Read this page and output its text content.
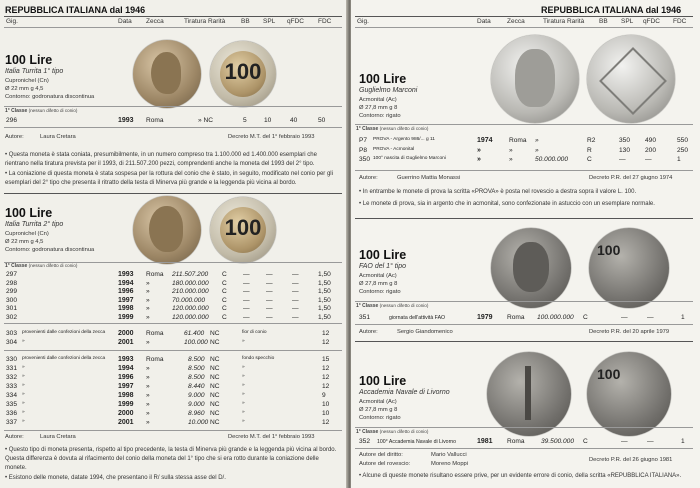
REPUBBLICA ITALIANA dal 1946
Gig.	Data Zecca	Tiratura Rarità BB SPL qFDC FDC
100 Lire
Italia Turrita 1° tipo
Cupronichel (Cn)
Ø 22 mm g 4,5
Contorno: godronatura discontinua
100
1° Classe (nessun difetto di conio)
296	1993 Roma	» NC	5	10	40	50
Autore:	Laura Cretara	Decreto M.T. del 1° febbraio 1993
• Questa moneta è stata coniata, presumibilmente, in un numero compreso tra 1.100.000 ed 1.400.000 esemplari che rientrano nella tiratura prevista per il 1993, di 211.507.200 pezzi, comprendenti anche la moneta del 1993 del 2° tipo.
• La coniazione di questa moneta è stata sospesa per la rottura del conio che è stato, in seguito, modificato nel conio per gli esemplari del 2° tipo che presenta il ritratto della testa di Minerva più grande e la leggenda più vicina al bordo.
100 Lire
Italia Turrita 2° tipo
Cupronichel (Cn)
Ø 22 mm g 4,5
Contorno: godronatura discontinua
100
1° Classe (nessun difetto di conio)
297	1993 Roma 211.507.200 C — —	—	1,50
298	1994 »	180.000.000 C — —	—	1,50
299	1996 »	210.000.000 C — —	—	1,50
300	1997 »	70.000.000	C — —	—	1,50
301	1998 »	120.000.000 C — —	—	1,50
302	1999 »	120.000.000 C — —	—	1,50
303 provenienti dalle confezioni della zecca 2000 Roma	61.400 NC	fior di conio	12
304 »	2001 »	100.000 NC	»	12
330 provenienti dalle confezioni della zecca 1993 Roma	8.500 NC	fondo specchio	15
331 »	1994 »	8.500 NC	»	12
332 »	1996 »	8.500 NC	»	12
333 »	1997 »	8.440 NC	»	12
334 »	1998 »	9.000 NC	»	9
335 »	1999 »	9.000 NC	»	10
336 »	2000 »	8.960 NC	»	10
337 »	2001 »	10.000 NC	»	12
Autore:	Laura Cretara	Decreto M.T. del 1° febbraio 1993
• Questo tipo di moneta presenta, rispetto al tipo precedente, la testa di Minerva più grande e la leggenda più vicina al bordo. Questa differenza è dovuta al rifacimento del conio della moneta del 1° tipo che si era rotto durante la coniazione delle monete.
• Esistono delle monete, datate 1994, che presentano il R/ sulla stessa asse del D/.
REPUBBLICA ITALIANA dal 1946
Gig.	Data	Zecca	Tiratura Rarità BB SPL qFDC FDC
100 Lire
Guglielmo Marconi
Acmonital (Ac)
Ø 27,8 mm g 8
Contorno: rigato
1° Classe (nessun difetto di conio)
P7 PROVA - Argento 986/... g 11	1974 Roma »	R2	350 490	550
P8 PROVA - Acmonital	»	»	»	R	130 200	250
350 100° nascita di Guglielmo Marconi	»	»	50.000.000	C	—	—	1
Autore:	Guerrino Mattia Monassi	Decreto P.R. del 27 giugno 1974
• In entrambe le monete di prova la scritta «PROVA» è posta nel rovescio a destra sopra il valore L. 100.
• Le monete di prova, sia in argento che in acmonital, sono confezionate in astuccio con un esemplare normale.
100 Lire
FAO del 1° tipo
Acmonital (Ac)
Ø 27,8 mm g 8
Contorno: rigato
100
1° Classe (nessun difetto di conio)
351	giornata dell'attività FAO	1979 Roma 100.000.000 C	—	—	1
Autore:	Sergio Giandomenico	Decreto P.R. del 20 aprile 1979
100 Lire
Accademia Navale di Livorno
Acmonital (Ac)
Ø 27,8 mm g 8
Contorno: rigato
100
1° Classe (nessun difetto di conio)
352 100° Accademia Navale di Livorno	1981 Roma 39.500.000 C	—	—	1
Autore del diritto:	Mario Vallucci
Autore del rovescio:	Moreno Moppi
Decreto P.R. del 26 giugno 1981
• Alcune di queste monete risultano essere prive, per un evidente errore di conio, della scritta «REPUBBLICA ITALIANA».
